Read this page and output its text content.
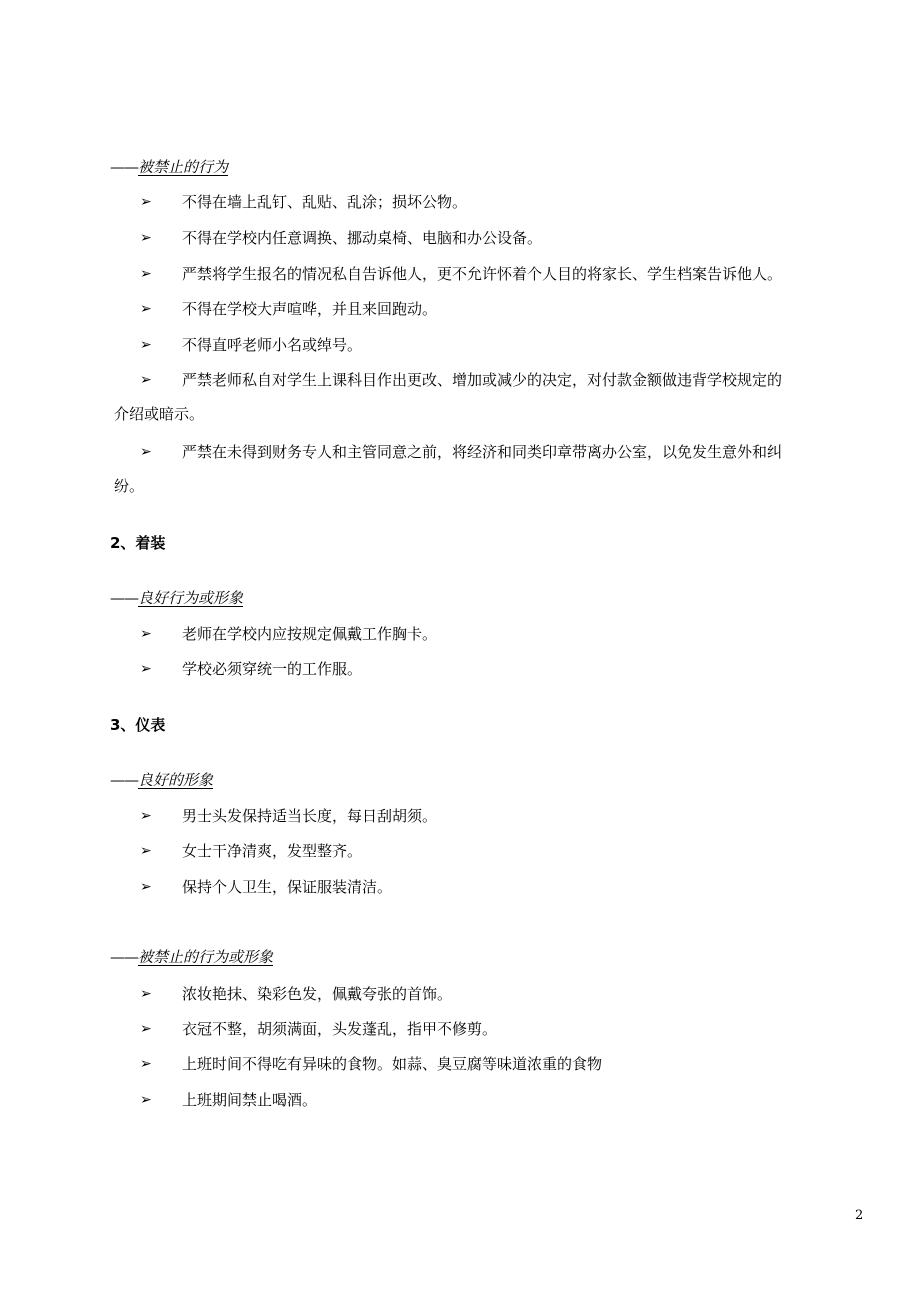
——被禁止的行为
➢	不得在墙上乱钉、乱贴、乱涂；损坏公物。
➢	不得在学校内任意调换、挪动桌椅、电脑和办公设备。
➢	严禁将学生报名的情况私自告诉他人，更不允许怀着个人目的将家长、学生档案告诉他人。
➢	不得在学校大声喧哗，并且来回跑动。
➢	不得直呼老师小名或绰号。
➢	严禁老师私自对学生上课科目作出更改、增加或减少的决定，对付款金额做违背学校规定的
介绍或暗示。
➢	严禁在未得到财务专人和主管同意之前，将经济和同类印章带离办公室，以免发生意外和纠
纷。
2、着装
——良好行为或形象
➢	老师在学校内应按规定佩戴工作胸卡。
➢	学校必须穿统一的工作服。
3、仪表
——良好的形象
➢	男士头发保持适当长度，每日刮胡须。
➢	女士干净清爽，发型整齐。
➢	保持个人卫生，保证服装清洁。
——被禁止的行为或形象
➢	浓妆艳抹、染彩色发，佩戴夸张的首饰。
➢	衣冠不整，胡须满面，头发蓬乱，指甲不修剪。
➢	上班时间不得吃有异味的食物。如蒜、臭豆腐等味道浓重的食物
➢	上班期间禁止喝酒。
2
